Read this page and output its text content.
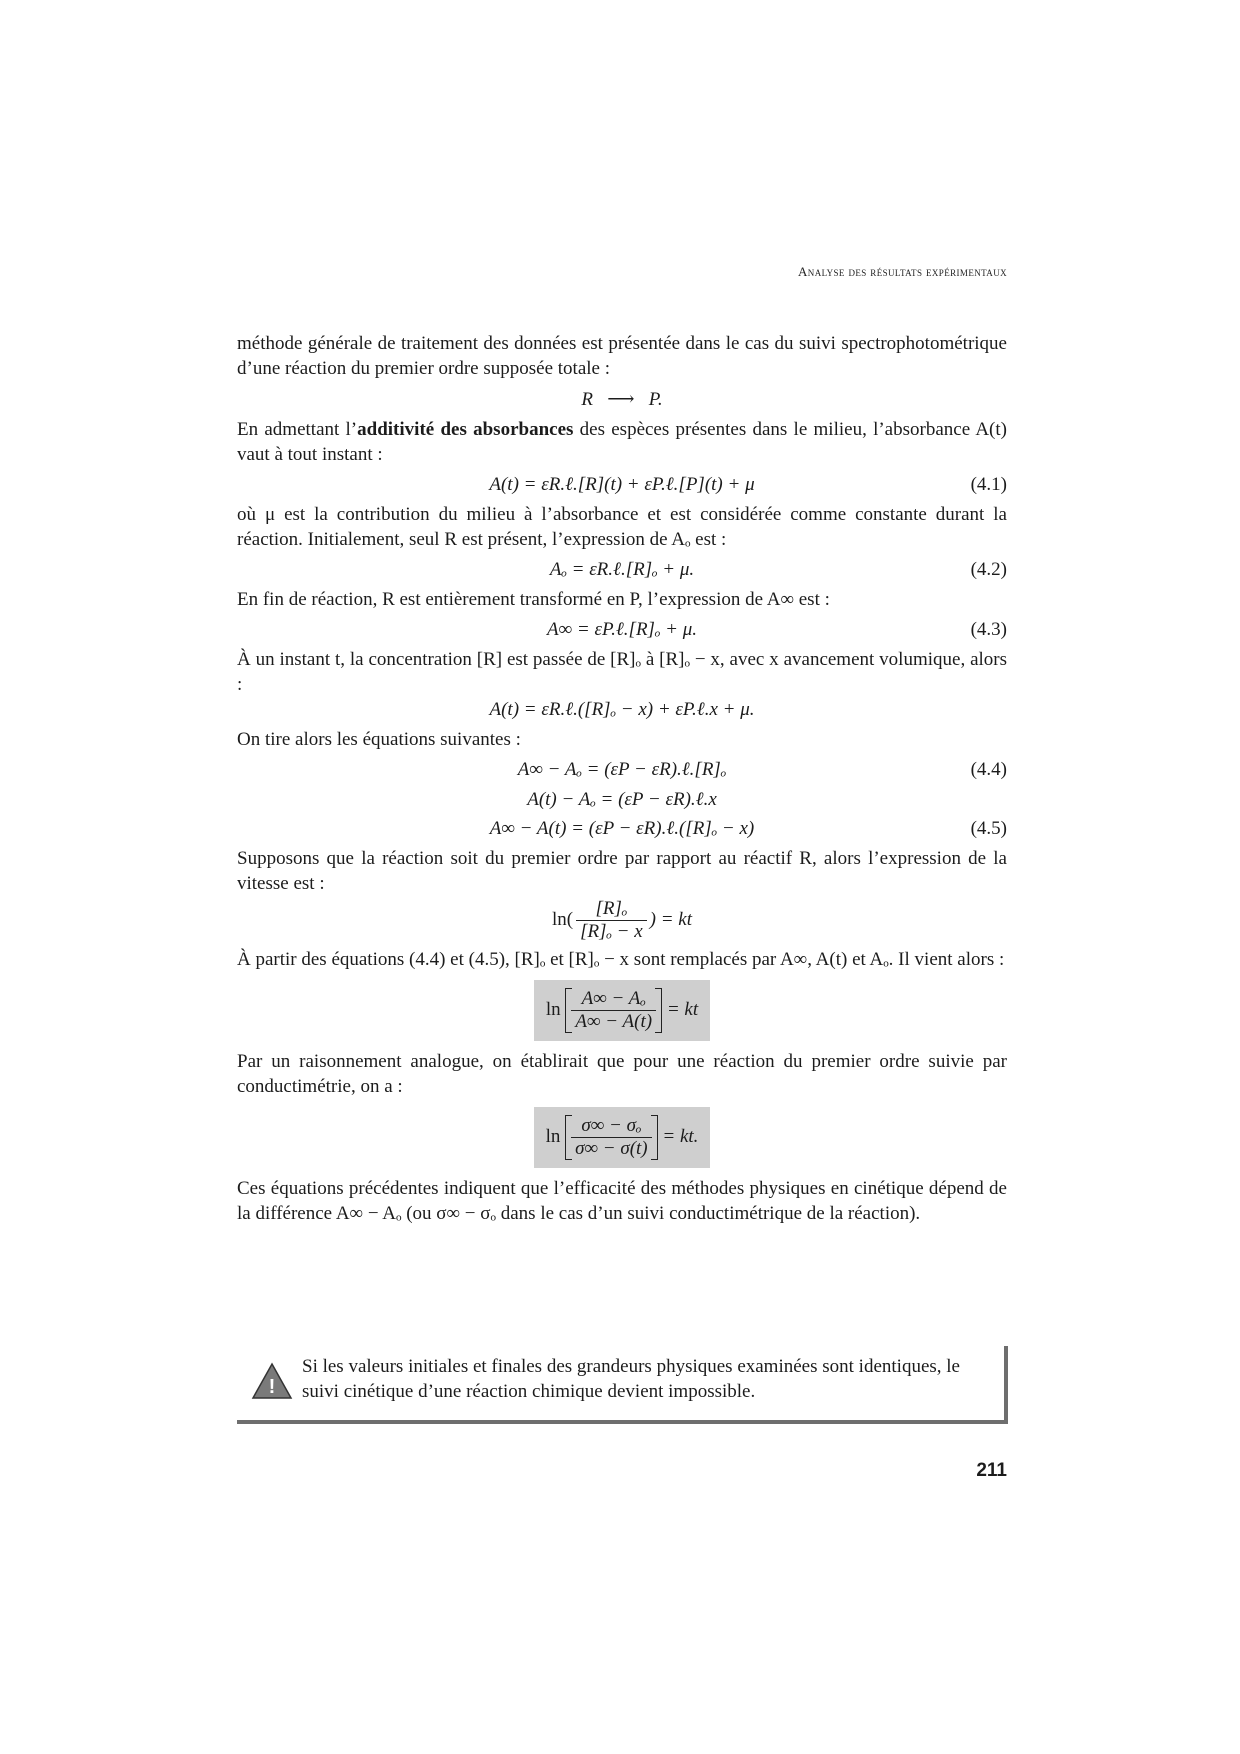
Analyse des résultats expérimentaux

méthode générale de traitement des données est présentée dans le cas du suivi spectrophotométrique d’une réaction du premier ordre supposée totale :

R   ⟶   P.

En admettant l’additivité des absorbances des espèces présentes dans le milieu, l’absorbance A(t) vaut à tout instant :

A(t) = εR.ℓ.[R](t) + εP.ℓ.[P](t) + μ	(4.1)

où μ est la contribution du milieu à l’absorbance et est considérée comme constante durant la réaction. Initialement, seul R est présent, l’expression de Aₒ est :

Aₒ = εR.ℓ.[R]ₒ + μ.	(4.2)

En fin de réaction, R est entièrement transformé en P, l’expression de A∞ est :

A∞ = εP.ℓ.[R]ₒ + μ.	(4.3)

À un instant t, la concentration [R] est passée de [R]ₒ à [R]ₒ − x, avec x avancement volumique, alors :

A(t) = εR.ℓ.([R]ₒ − x) + εP.ℓ.x + μ.

On tire alors les équations suivantes :

A∞ − Aₒ = (εP − εR).ℓ.[R]ₒ	(4.4)
A(t) − Aₒ = (εP − εR).ℓ.x
A∞ − A(t) = (εP − εR).ℓ.([R]ₒ − x)	(4.5)

Supposons que la réaction soit du premier ordre par rapport au réactif R, alors l’expression de la vitesse est :

$\ln( \frac{\text{[R]ₒ}}{\text{[R]ₒ − x}}$ ) = kt

À partir des équations (4.4) et (4.5), [R]ₒ et [R]ₒ − x sont remplacés par A∞, A(t) et Aₒ. Il vient alors :

$\ln \frac{\text{A∞ − Aₒ}}{A\infty - A(t)}$ = kt

Par un raisonnement analogue, on établirait que pour une réaction du premier ordre suivie par conductimétrie, on a :

$\ln \frac{\text{σ∞ − σₒ}}{\sigma\infty - \sigma(t)}$ = kt.

Ces équations précédentes indiquent que l’efficacité des méthodes physiques en cinétique dépend de la différence A∞ − Aₒ (ou σ∞ − σₒ dans le cas d’un suivi conductimétrique de la réaction).

!
Si les valeurs initiales et finales des grandeurs physiques examinées sont identiques, le suivi cinétique d’une réaction chimique devient impossible.
211
